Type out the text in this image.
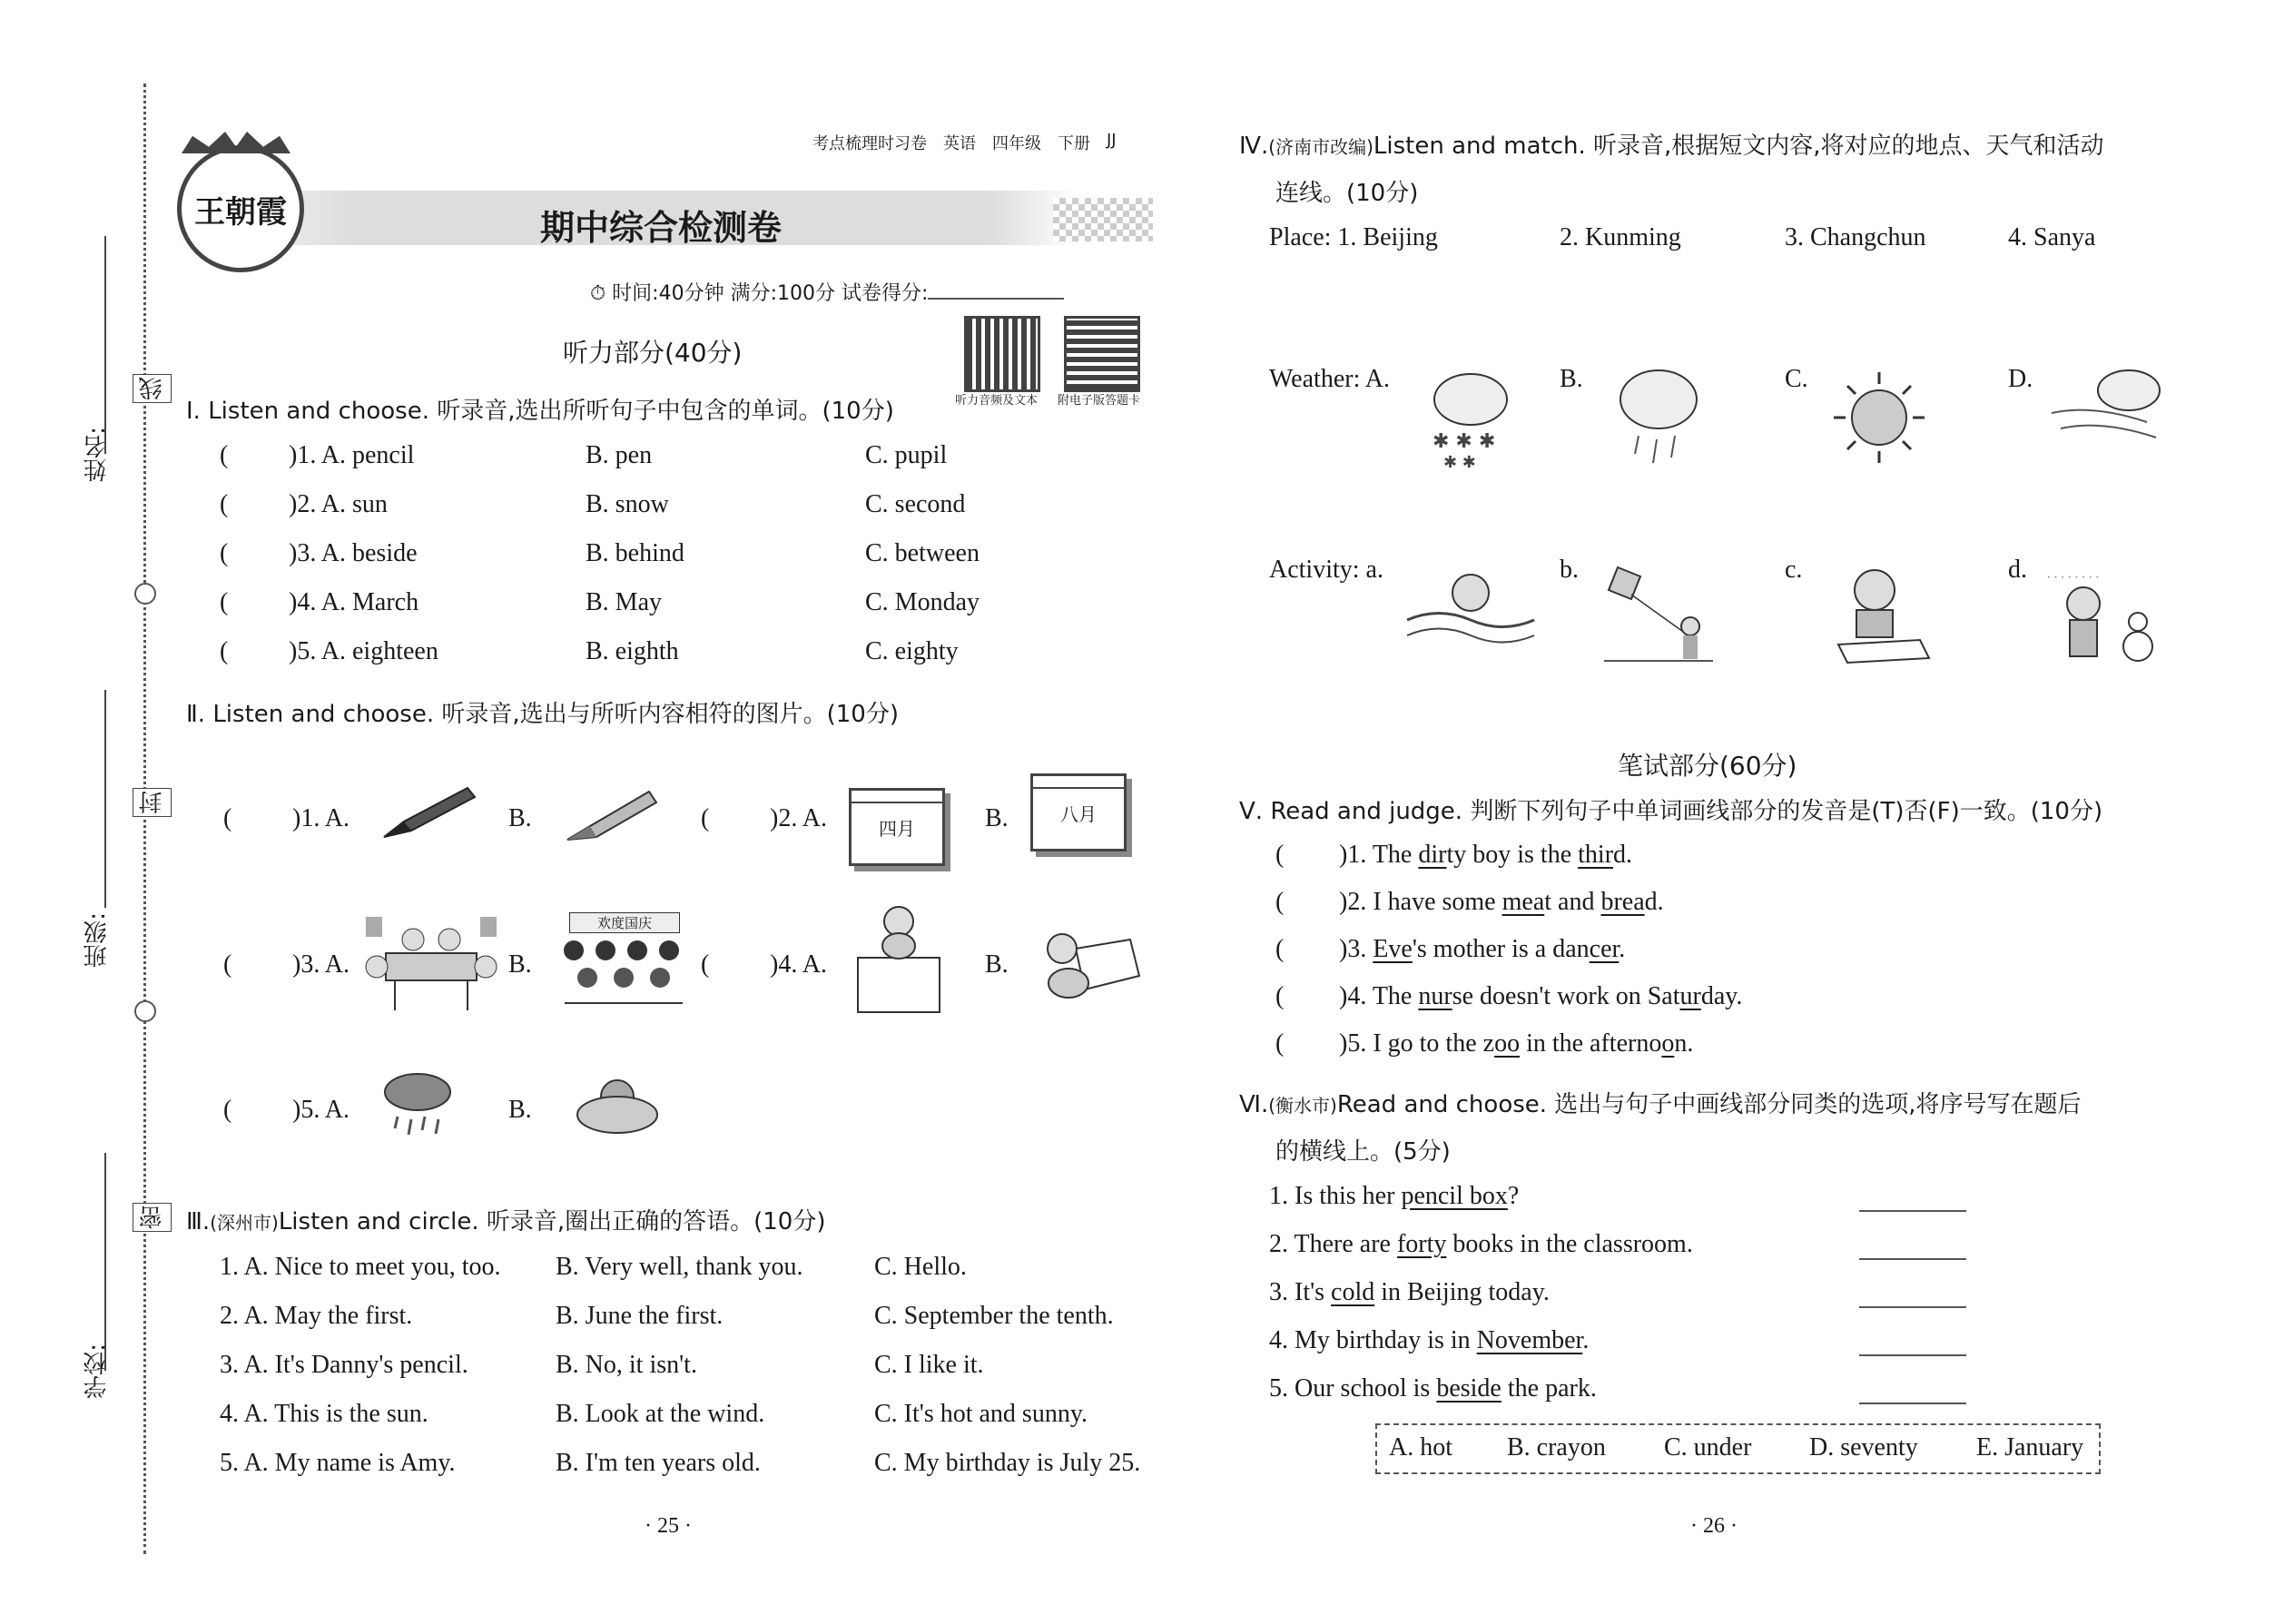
姓名:
班级:
学校:
线
封
密
王朝霞
考点梳理时习卷 英语 四年级 下册 JJ
期中综合检测卷
⏱ 时间:40分钟 满分:100分 试卷得分:
听力音频及文本 附电子版答题卡
听力部分(40分)
Ⅰ. Listen and choose. 听录音,选出所听句子中包含的单词。(10分)
( )1. A. pencil	B. pen	C. pupil
( )2. A. sun	B. snow	C. second
( )3. A. beside	B. behind	C. between
( )4. A. March	B. May	C. Monday
( )5. A. eighteen	B. eighth	C. eighty
Ⅱ. Listen and choose. 听录音,选出与所听内容相符的图片。(10分)
( )1. A.	B.	( )2. A.	四月	B.	八月
( )3. A.	B.
欢度国庆
( )4. A.	B.
( )5. A.	B.
Ⅲ.(深州市)Listen and circle. 听录音,圈出正确的答语。(10分)
1. A. Nice to meet you, too. B. Very well, thank you.	C. Hello.
2. A. May the first.	B. June the first.	C. September the tenth.
3. A. It's Danny's pencil.	B. No, it isn't.	C. I like it.
4. A. This is the sun.	B. Look at the wind.	C. It's hot and sunny.
5. A. My name is Amy.	B. I'm ten years old.	C. My birthday is July 25.
· 25 ·
Ⅳ.(济南市改编)Listen and match. 听录音,根据短文内容,将对应的地点、天气和活动
连线。(10分)
Place: 1. Beijing	2. Kunming	3. Changchun	4. Sanya
Weather: A.
✱ ✱ ✱
✱ ✱
B.	C.	D.
Activity: a.	b.	c.	d. · · · · · · · ·
笔试部分(60分)
Ⅴ. Read and judge. 判断下列句子中单词画线部分的发音是(T)否(F)一致。(10分)
( )1. The dirty boy is the third.
( )2. I have some meat and bread.
( )3. Eve's mother is a dancer.
( )4. The nurse doesn't work on Saturday.
( )5. I go to the zoo in the afternoon.
Ⅵ.(衡水市)Read and choose. 选出与句子中画线部分同类的选项,将序号写在题后
的横线上。(5分)
1. Is this her pencil box?
2. There are forty books in the classroom.
3. It's cold in Beijing today.
4. My birthday is in November.
5. Our school is beside the park.
A. hot B. crayon C. under D. seventy E. January
· 26 ·
